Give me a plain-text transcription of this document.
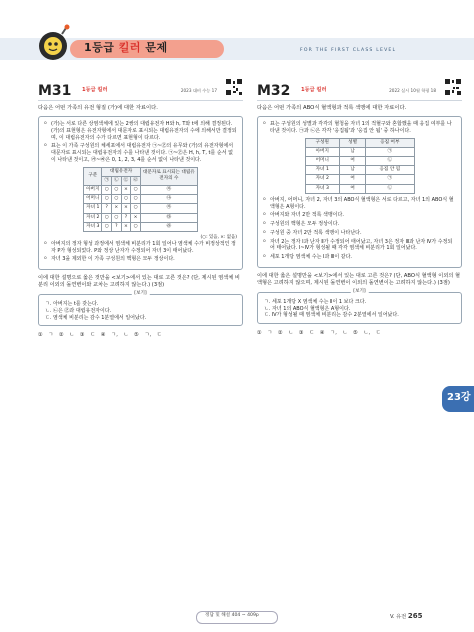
1등급 킬러 문제	FOR THE FIRST CLASS LEVEL
M31 1등급 킬러	2023 대비 수능 17
다음은 어떤 가족의 유전 형질 (가)에 대한 자료이다.
o (가)는 서로 다른 상염색체에 있는 2쌍의 대립유전자 H와 h, T와 t에 의해 결정된다. (가)의 표현형은 유전자형에서 대문자로 표시되는 대립유전자의 수에 의해서만 결정되며, 이 대립유전자의 수가 다르면 표현형이 다르다.
o 표는 이 가족 구성원의 체세포에서 대립유전자 ㉠~㉣의 유무와 (가)의 유전자형에서 대문자로 표시되는 대립유전자의 수를 나타낸 것이다. ㉠~㉣은 H, h, T, t를 순서 없이 나타낸 것이고, ㉮~㉱은 0, 1, 2, 3, 4를 순서 없이 나타낸 것이다.
구분	대립유전자				대문자로 표시되는 대립유전자의 수
	㉠	㉡	㉢	㉣	
아버지	○	○	×	○	㉮
어머니	○	○	○	○	㉯
자녀 1	?	×	×	○	㉮
자녀 2	○	○	?	×	㉰
자녀 3	○	?	×	○	㉱
(○: 있음, ×: 없음)
o 아버지의 정자 형성 과정에서 염색체 비분리가 1회 일어나 염색체 수가 비정상적인 정자 P가 형성되었다. P와 정상 난자가 수정되어 자녀 3이 태어났다.
o 자녀 3을 제외한 이 가족 구성원의 핵형은 모두 정상이다.
이에 대한 설명으로 옳은 것만을 <보기>에서 있는 대로 고른 것은? (단, 제시된 염색체 비분리 이외의 돌연변이와 교차는 고려하지 않는다.) (3점)
[보기]
ㄱ. 아버지는 t를 갖는다.
ㄴ. ㉡은 ㉣과 대립유전자이다.
ㄷ. 염색체 비분리는 감수 1분열에서 일어났다.
① ㄱ ② ㄴ ③ ㄷ ④ ㄱ, ㄴ ⑤ ㄱ, ㄷ
M32 1등급 킬러	2022 실시 10월 학평 18
다음은 어떤 가족의 ABO식 혈액형과 적록 색맹에 대한 자료이다.
o 표는 구성원의 성별과 각각의 혈청을 자녀 1의 적혈구와 혼합했을 때 응집 여부를 나타낸 것이다. ㉠과 ㉡은 각각 '응집됨'과 '응집 안 됨' 중 하나이다.
구성원	성별	응집 여부
아버지	남	㉠
어머니	여	㉡
자녀 1	남	응집 안 됨
자녀 2	여	㉠
자녀 3	여	㉡
o 아버지, 어머니, 자녀 2, 자녀 3의 ABO식 혈액형은 서로 다르고, 자녀 1의 ABO식 혈액형은 A형이다.
o 아버지와 자녀 2만 적록 색맹이다.
o 구성원의 핵형은 모두 정상이다.
o 구성원 중 자녀 2만 적록 색맹이 나타난다.
o 자녀 2는 정자 Ⅰ과 난자 Ⅱ가 수정되어 태어났고, 자녀 3은 정자 Ⅲ과 난자 Ⅳ가 수정되어 태어났다. Ⅰ~Ⅳ가 형성될 때 각각 염색체 비분리가 1회 일어났다.
o 세포 1개당 염색체 수는 Ⅰ과 Ⅲ이 같다.
이에 대한 옳은 설명만을 <보기>에서 있는 대로 고른 것은? (단, ABO식 혈액형 이외의 혈액형은 고려하지 않으며, 제시된 돌연변이 이외의 돌연변이는 고려하지 않는다.) (3점)
[보기]
ㄱ. 세포 1개당 X 염색체 수는 Ⅱ이 1 보다 크다.
ㄴ. 자녀 1의 ABO식 혈액형은 A형이다.
ㄷ. Ⅳ가 형성될 때 염색체 비분리는 감수 2분열에서 일어났다.
① ㄱ ② ㄴ ③ ㄷ ④ ㄱ, ㄴ ⑤ ㄴ, ㄷ
23강
정답 및 해설 404 ~ 409p	V. 유전 265
